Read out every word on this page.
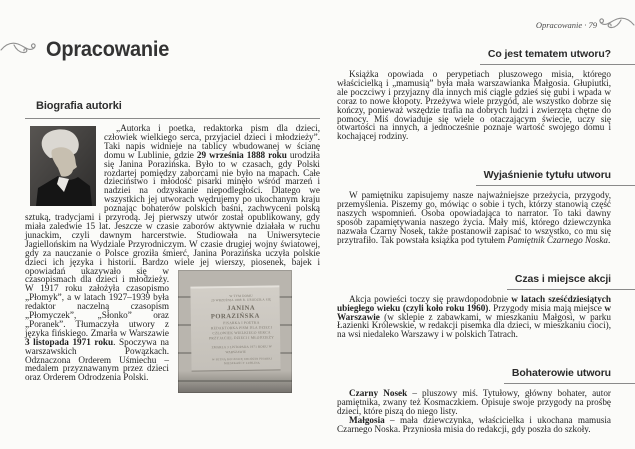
Opracowanie
Biografia autorki

„Autorka i poetka, redaktorka pism dla dzieci, człowiek wielkiego serca, przyjaciel dzieci i młodzieży”. Taki napis widnieje na tablicy wbudowanej w ścianę domu w Lublinie, gdzie 29 września 1888 roku urodziła się Janina Porazińska. Było to w czasach, gdy Polski rozdartej pomiędzy zaborcami nie było na mapach. Całe dzieciństwo i młodość pisarki minęło wśród marzeń i nadziei na odzyskanie niepodległości. Dlatego we wszystkich jej utworach wędrujemy po ukochanym kraju poznając bohaterów polskich baśni, zachwyceni polską sztuką, tradycjami i przyrodą. Jej pierwszy utwór został opublikowany, gdy miała zaledwie 15 lat. Jeszcze w czasie zaborów aktywnie działała w ruchu junackim, czyli dawnym harcerstwie. Studiowała na Uniwersytecie Jagiellońskim na Wydziale Przyrodniczym. W czasie drugiej wojny światowej, gdy za nauczanie o Polsce groziła śmierć, Janina Porazińska uczyła polskie dzieci ich języka i historii. Bardzo wiele jej wierszy,
W TYM DOMU
29 WRZEŚNIA 1888 R. URODZIŁA SIĘ
JANINA PORAZIŃSKA
PISARKA I POETKA
REDAKTORKA PISM DLA DZIECI
CZŁOWIEK WIELKIEGO SERCA
PRZYJACIEL DZIECI I MŁODZIEŻY
ZMARŁA 3 LISTOPADA 1971 ROKU W WARSZAWIE
W SETNĄ ROCZNICĘ URODZIN PISARKI
MIESZKAŃCY LUBLINA
piosenek, bajek i opowiadań ukazywało się w czasopismach dla dzieci i młodzieży. W 1917 roku założyła czasopismo „Płomyk”, a w latach 1927–1939 była redaktor naczelną czasopism „Płomyczek”, „Słonko” oraz „Poranek”. Tłumaczyła utwory z języka fińskiego. Zmarła w Warszawie 3 listopada 1971 roku. Spoczywa na warszawskich Powązkach. Odznaczona Orderem Uśmiechu – medalem przyznawanym przez dzieci oraz Orderem Odrodzenia Polski.

Opracowanie · 79
Co jest tematem utworu?

Książka opowiada o perypetiach pluszowego misia, którego właścicielką i „mamusią” była mała warszawianka Małgosia. Głupiutki, ale poczciwy i przyjazny dla innych miś ciągle gdzieś się gubi i wpada w coraz to nowe kłopoty. Przeżywa wiele przygód, ale wszystko dobrze się kończy, ponieważ wszędzie trafia na dobrych ludzi i zwierzęta chętne do pomocy. Miś dowiaduje się wiele o otaczającym świecie, uczy się otwartości na innych, a jednocześnie poznaje wartość swojego domu i kochającej rodziny.

Wyjaśnienie tytułu utworu

W pamiętniku zapisujemy nasze najważniejsze przeżycia, przygody, przemyślenia. Piszemy go, mówiąc o sobie i tych, którzy stanowią część naszych wspomnień. Osoba opowiadająca to narrator. To taki dawny sposób zapamiętywania naszego życia. Mały miś, którego dziewczynka nazwała Czarny Nosek, także postanowił zapisać to wszystko, co mu się przytrafiło. Tak powstała książka pod tytułem Pamiętnik Czarnego Noska.

Czas i miejsce akcji

Akcja powieści toczy się prawdopodobnie w latach sześćdziesiątych ubiegłego wieku (czyli koło roku 1960). Przygody misia mają miejsce w Warszawie (w sklepie z zabawkami, w mieszkaniu Małgosi, w parku Łazienki Królewskie, w redakcji pisemka dla dzieci, w mieszkaniu cioci), na wsi niedaleko Warszawy i w polskich Tatrach.

Bohaterowie utworu

Czarny Nosek – pluszowy miś. Tytułowy, główny bohater, autor pamiętnika, zwany też Kosmaczkiem. Opisuje swoje przygody na prośbę dzieci, które piszą do niego listy.

Małgosia – mała dziewczynka, właścicielka i ukochana mamusia Czarnego Noska. Przyniosła misia do redakcji, gdy poszła do szkoły.
